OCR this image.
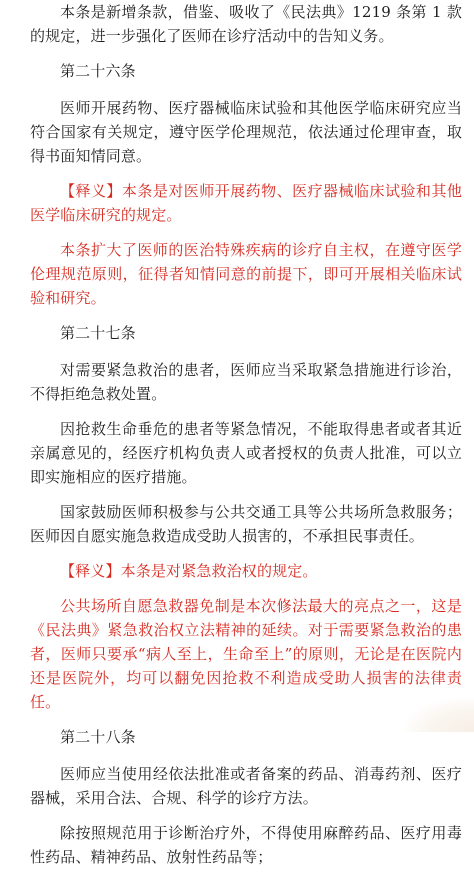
本条是新增条款，借鉴、吸收了《民法典》1219 条第 1 款的规定，进一步强化了医师在诊疗活动中的告知义务。

第二十六条

医师开展药物、医疗器械临床试验和其他医学临床研究应当符合国家有关规定，遵守医学伦理规范，依法通过伦理审查，取得书面知情同意。

【释义】本条是对医师开展药物、医疗器械临床试验和其他医学临床研究的规定。

本条扩大了医师的医治特殊疾病的诊疗自主权，在遵守医学伦理规范原则，征得者知情同意的前提下，即可开展相关临床试验和研究。

第二十七条

对需要紧急救治的患者，医师应当采取紧急措施进行诊治，不得拒绝急救处置。

因抢救生命垂危的患者等紧急情况，不能取得患者或者其近亲属意见的，经医疗机构负责人或者授权的负责人批准，可以立即实施相应的医疗措施。

国家鼓励医师积极参与公共交通工具等公共场所急救服务；医师因自愿实施急救造成受助人损害的，不承担民事责任。

【释义】本条是对紧急救治权的规定。

公共场所自愿急救器免制是本次修法最大的亮点之一，这是《民法典》紧急救治权立法精神的延续。对于需要紧急救治的患者，医师只要承“病人至上，生命至上”的原则，无论是在医院内还是医院外，均可以翻免因抢救不利造成受助人损害的法律责任。

第二十八条

医师应当使用经依法批准或者备案的药品、消毒药剂、医疗器械，采用合法、合规、科学的诊疗方法。

除按照规范用于诊断治疗外，不得使用麻醉药品、医疗用毒性药品、精神药品、放射性药品等；
